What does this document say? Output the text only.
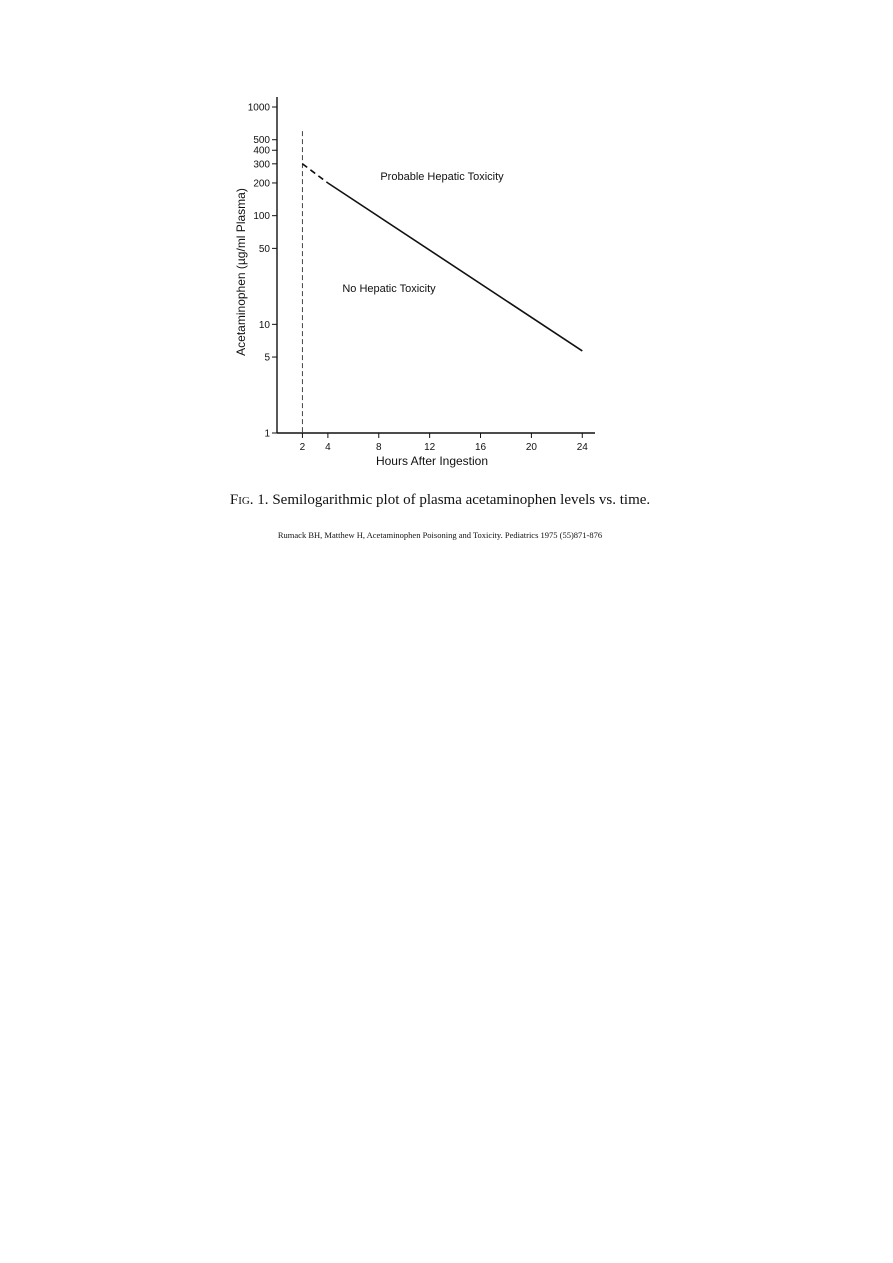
1
5
10
50
100
200
300
400
500
1000
2 4	8	12	16	20	24
Acetaminophen (µg/ml Plasma)
Hours After Ingestion
Probable Hepatic Toxicity
No Hepatic Toxicity
Fig. 1. Semilogarithmic plot of plasma acetaminophen levels vs. time.
Rumack BH, Matthew H, Acetaminophen Poisoning and Toxicity. Pediatrics 1975 (55)871-876
